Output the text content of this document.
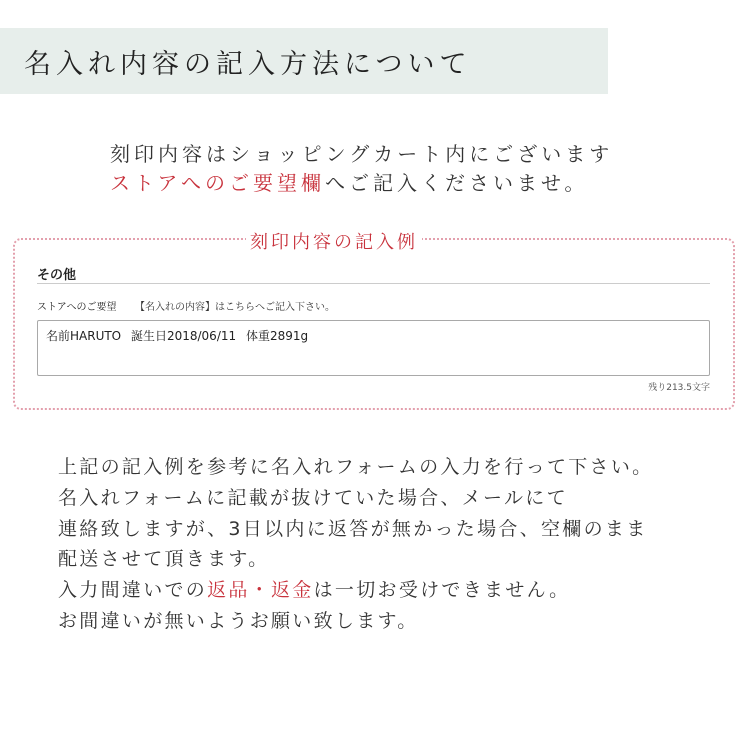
名入れ内容の記入方法について
刻印内容はショッピングカート内にございます
ストアへのご要望欄へご記入くださいませ。
刻印内容の記入例
その他
ストアへのご要望 【名入れの内容】はこちらへご記入下さい。
名前HARUTO 誕生日2018/06/11 体重2891g
残り213.5文字
上記の記入例を参考に名入れフォームの入力を行って下さい。
名入れフォームに記載が抜けていた場合、メールにて
連絡致しますが、3日以内に返答が無かった場合、空欄のまま
配送させて頂きます。
入力間違いでの返品・返金は一切お受けできません。
お間違いが無いようお願い致します。
